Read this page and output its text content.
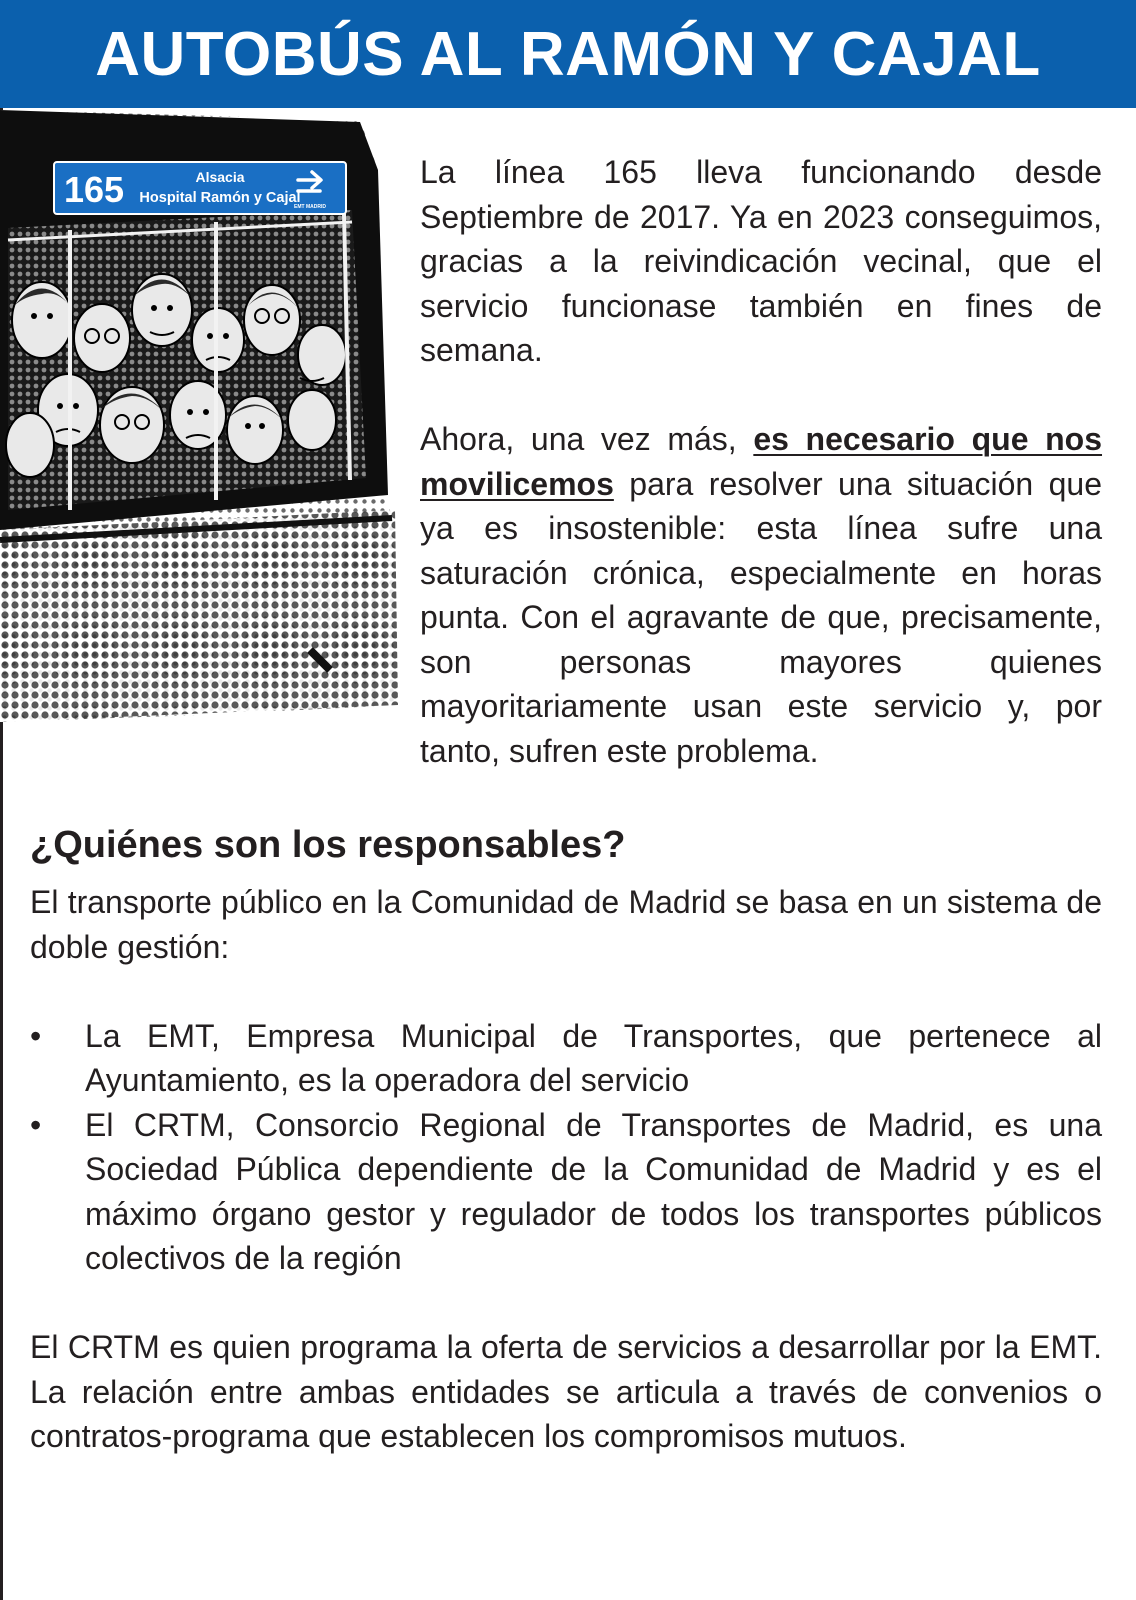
AUTOBÚS AL RAMÓN Y CAJAL
165	Alsacia
Hospital Ramón y Cajal
EMT MADRID

La línea 165 lleva funcionando desde Septiembre de 2017. Ya en 2023 conseguimos, gracias a la reivindicación vecinal, que el servicio funcionase también en fines de semana.

Ahora, una vez más, es necesario que nos movilicemos para resolver una situación que ya es insostenible: esta línea sufre una saturación crónica, especialmente en horas punta. Con el agravante de que, precisamente, son personas mayores quienes mayoritariamente usan este servicio y, por tanto, sufren este problema.

¿Quiénes son los responsables?

El transporte público en la Comunidad de Madrid se basa en un sistema de doble gestión:

• La EMT, Empresa Municipal de Transportes, que pertenece al Ayuntamiento, es la operadora del servicio
• El CRTM, Consorcio Regional de Transportes de Madrid, es una Sociedad Pública dependiente de la Comunidad de Madrid y es el máximo órgano gestor y regulador de todos los transportes públicos colectivos de la región

El CRTM es quien programa la oferta de servicios a desarrollar por la EMT. La relación entre ambas entidades se articula a través de convenios o contratos-programa que establecen los compromisos mutuos.
